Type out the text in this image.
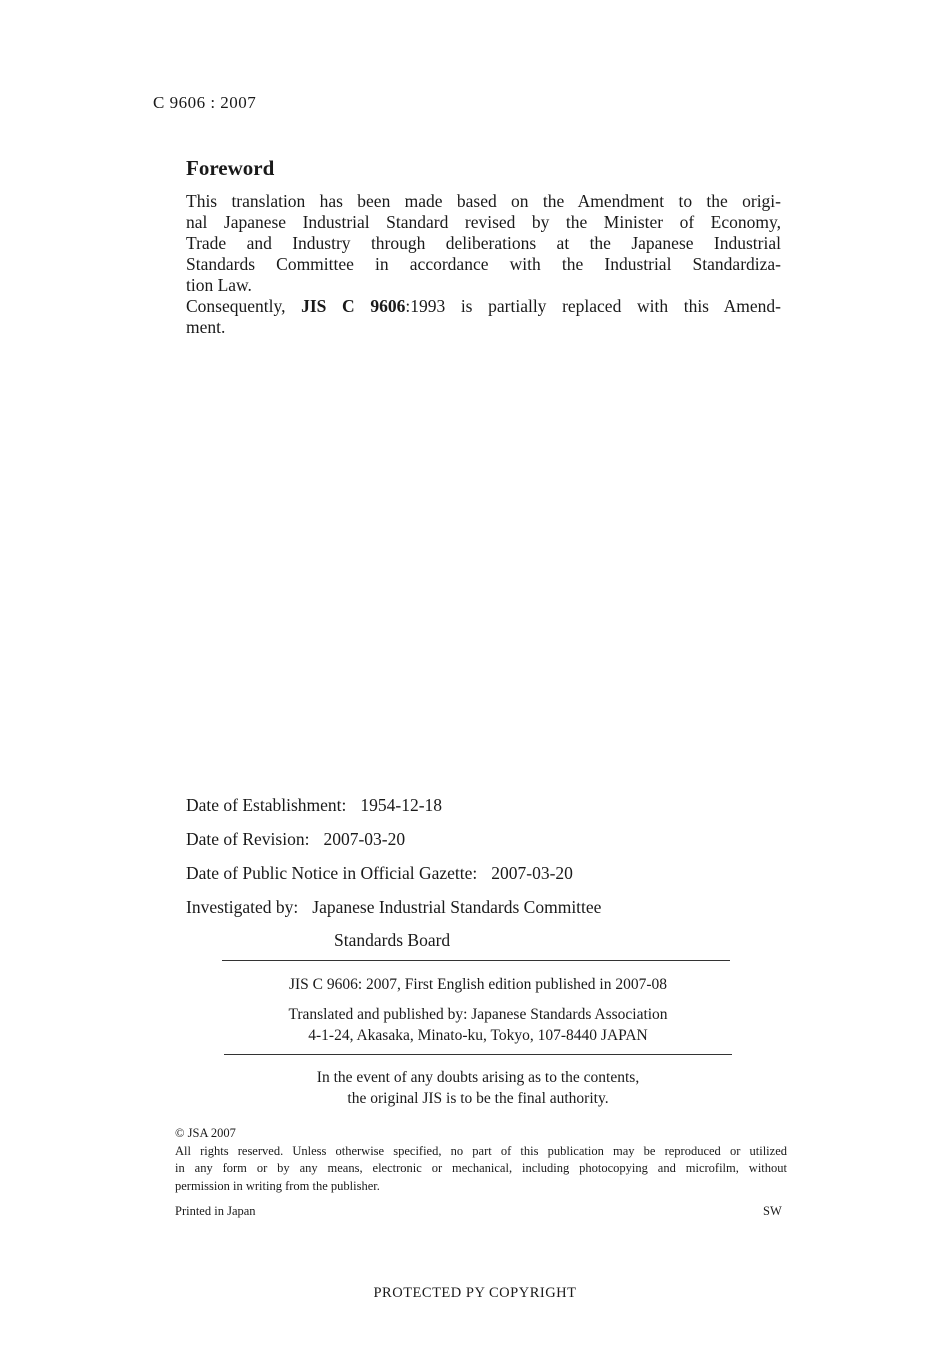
C 9606 : 2007
Foreword
This translation has been made based on the Amendment to the origi-
nal Japanese Industrial Standard revised by the Minister of Economy,
Trade and Industry through deliberations at the Japanese Industrial
Standards Committee in accordance with the Industrial Standardiza-
tion Law.
Consequently, JIS C 9606:1993 is partially replaced with this Amend-
ment.
Date of Establishment: 1954-12-18
Date of Revision: 2007-03-20
Date of Public Notice in Official Gazette: 2007-03-20
Investigated by: Japanese Industrial Standards Committee
Standards Board
JIS C 9606: 2007, First English edition published in 2007-08
Translated and published by: Japanese Standards Association
4-1-24, Akasaka, Minato-ku, Tokyo, 107-8440 JAPAN
In the event of any doubts arising as to the contents,
the original JIS is to be the final authority.
© JSA 2007
All rights reserved. Unless otherwise specified, no part of this publication may be reproduced or utilized
in any form or by any means, electronic or mechanical, including photocopying and microfilm, without
permission in writing from the publisher.
Printed in Japan	SW
PROTECTED PY COPYRIGHT
